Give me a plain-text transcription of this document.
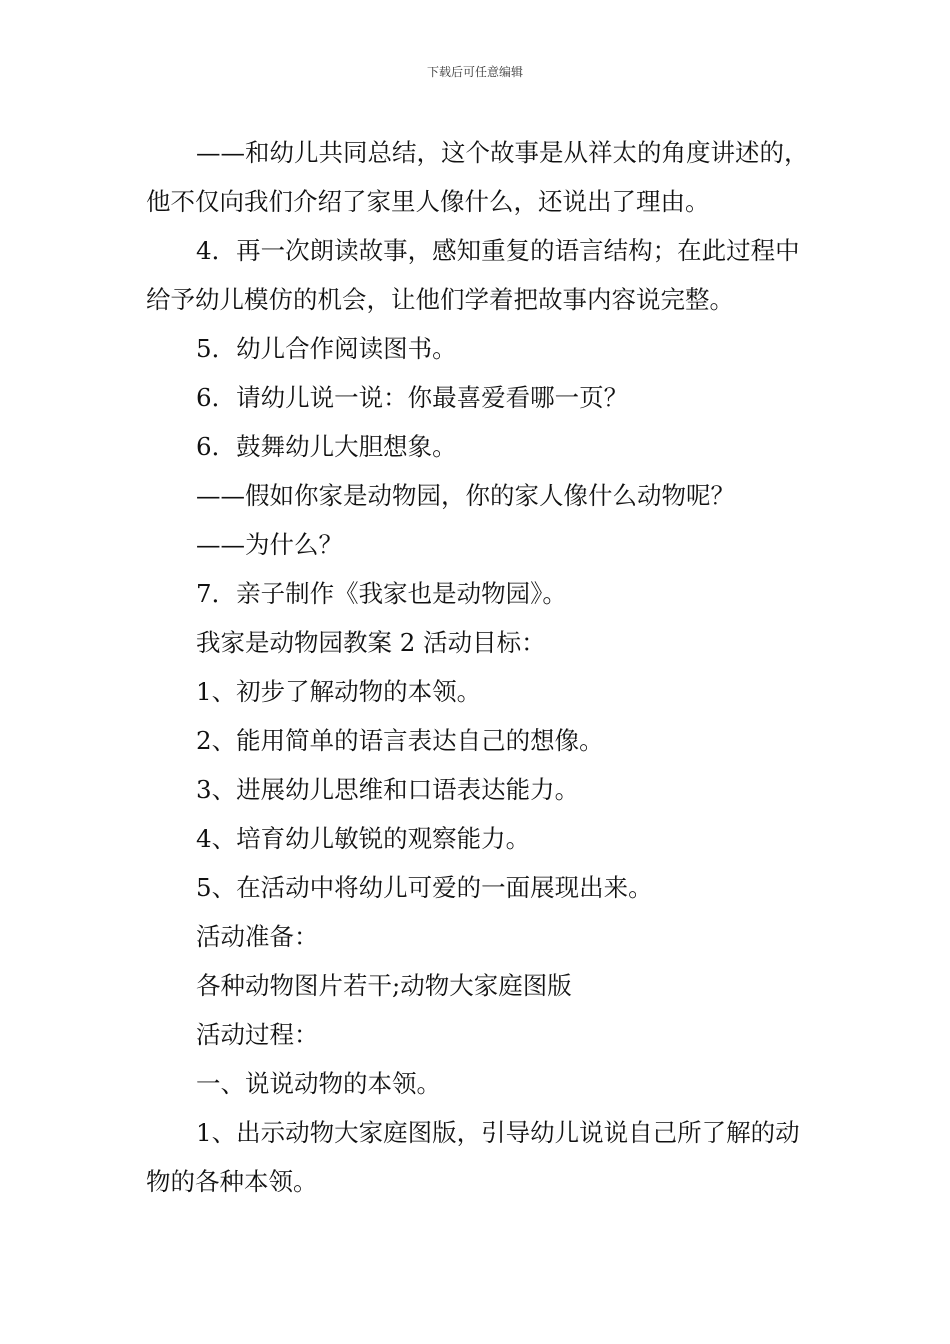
下载后可任意编辑

——和幼儿共同总结，这个故事是从祥太的角度讲述的，他不仅向我们介绍了家里人像什么，还说出了理由。

4．再一次朗读故事，感知重复的语言结构；在此过程中给予幼儿模仿的机会，让他们学着把故事内容说完整。

5．幼儿合作阅读图书。

6．请幼儿说一说：你最喜爱看哪一页？

6．鼓舞幼儿大胆想象。

——假如你家是动物园，你的家人像什么动物呢？

——为什么？

7．亲子制作《我家也是动物园》。

我家是动物园教案 2 活动目标：

1、初步了解动物的本领。

2、能用简单的语言表达自己的想像。

3、进展幼儿思维和口语表达能力。

4、培育幼儿敏锐的观察能力。

5、在活动中将幼儿可爱的一面展现出来。

活动准备：

各种动物图片若干;动物大家庭图版

活动过程：

一、说说动物的本领。

1、出示动物大家庭图版，引导幼儿说说自己所了解的动物的各种本领。
